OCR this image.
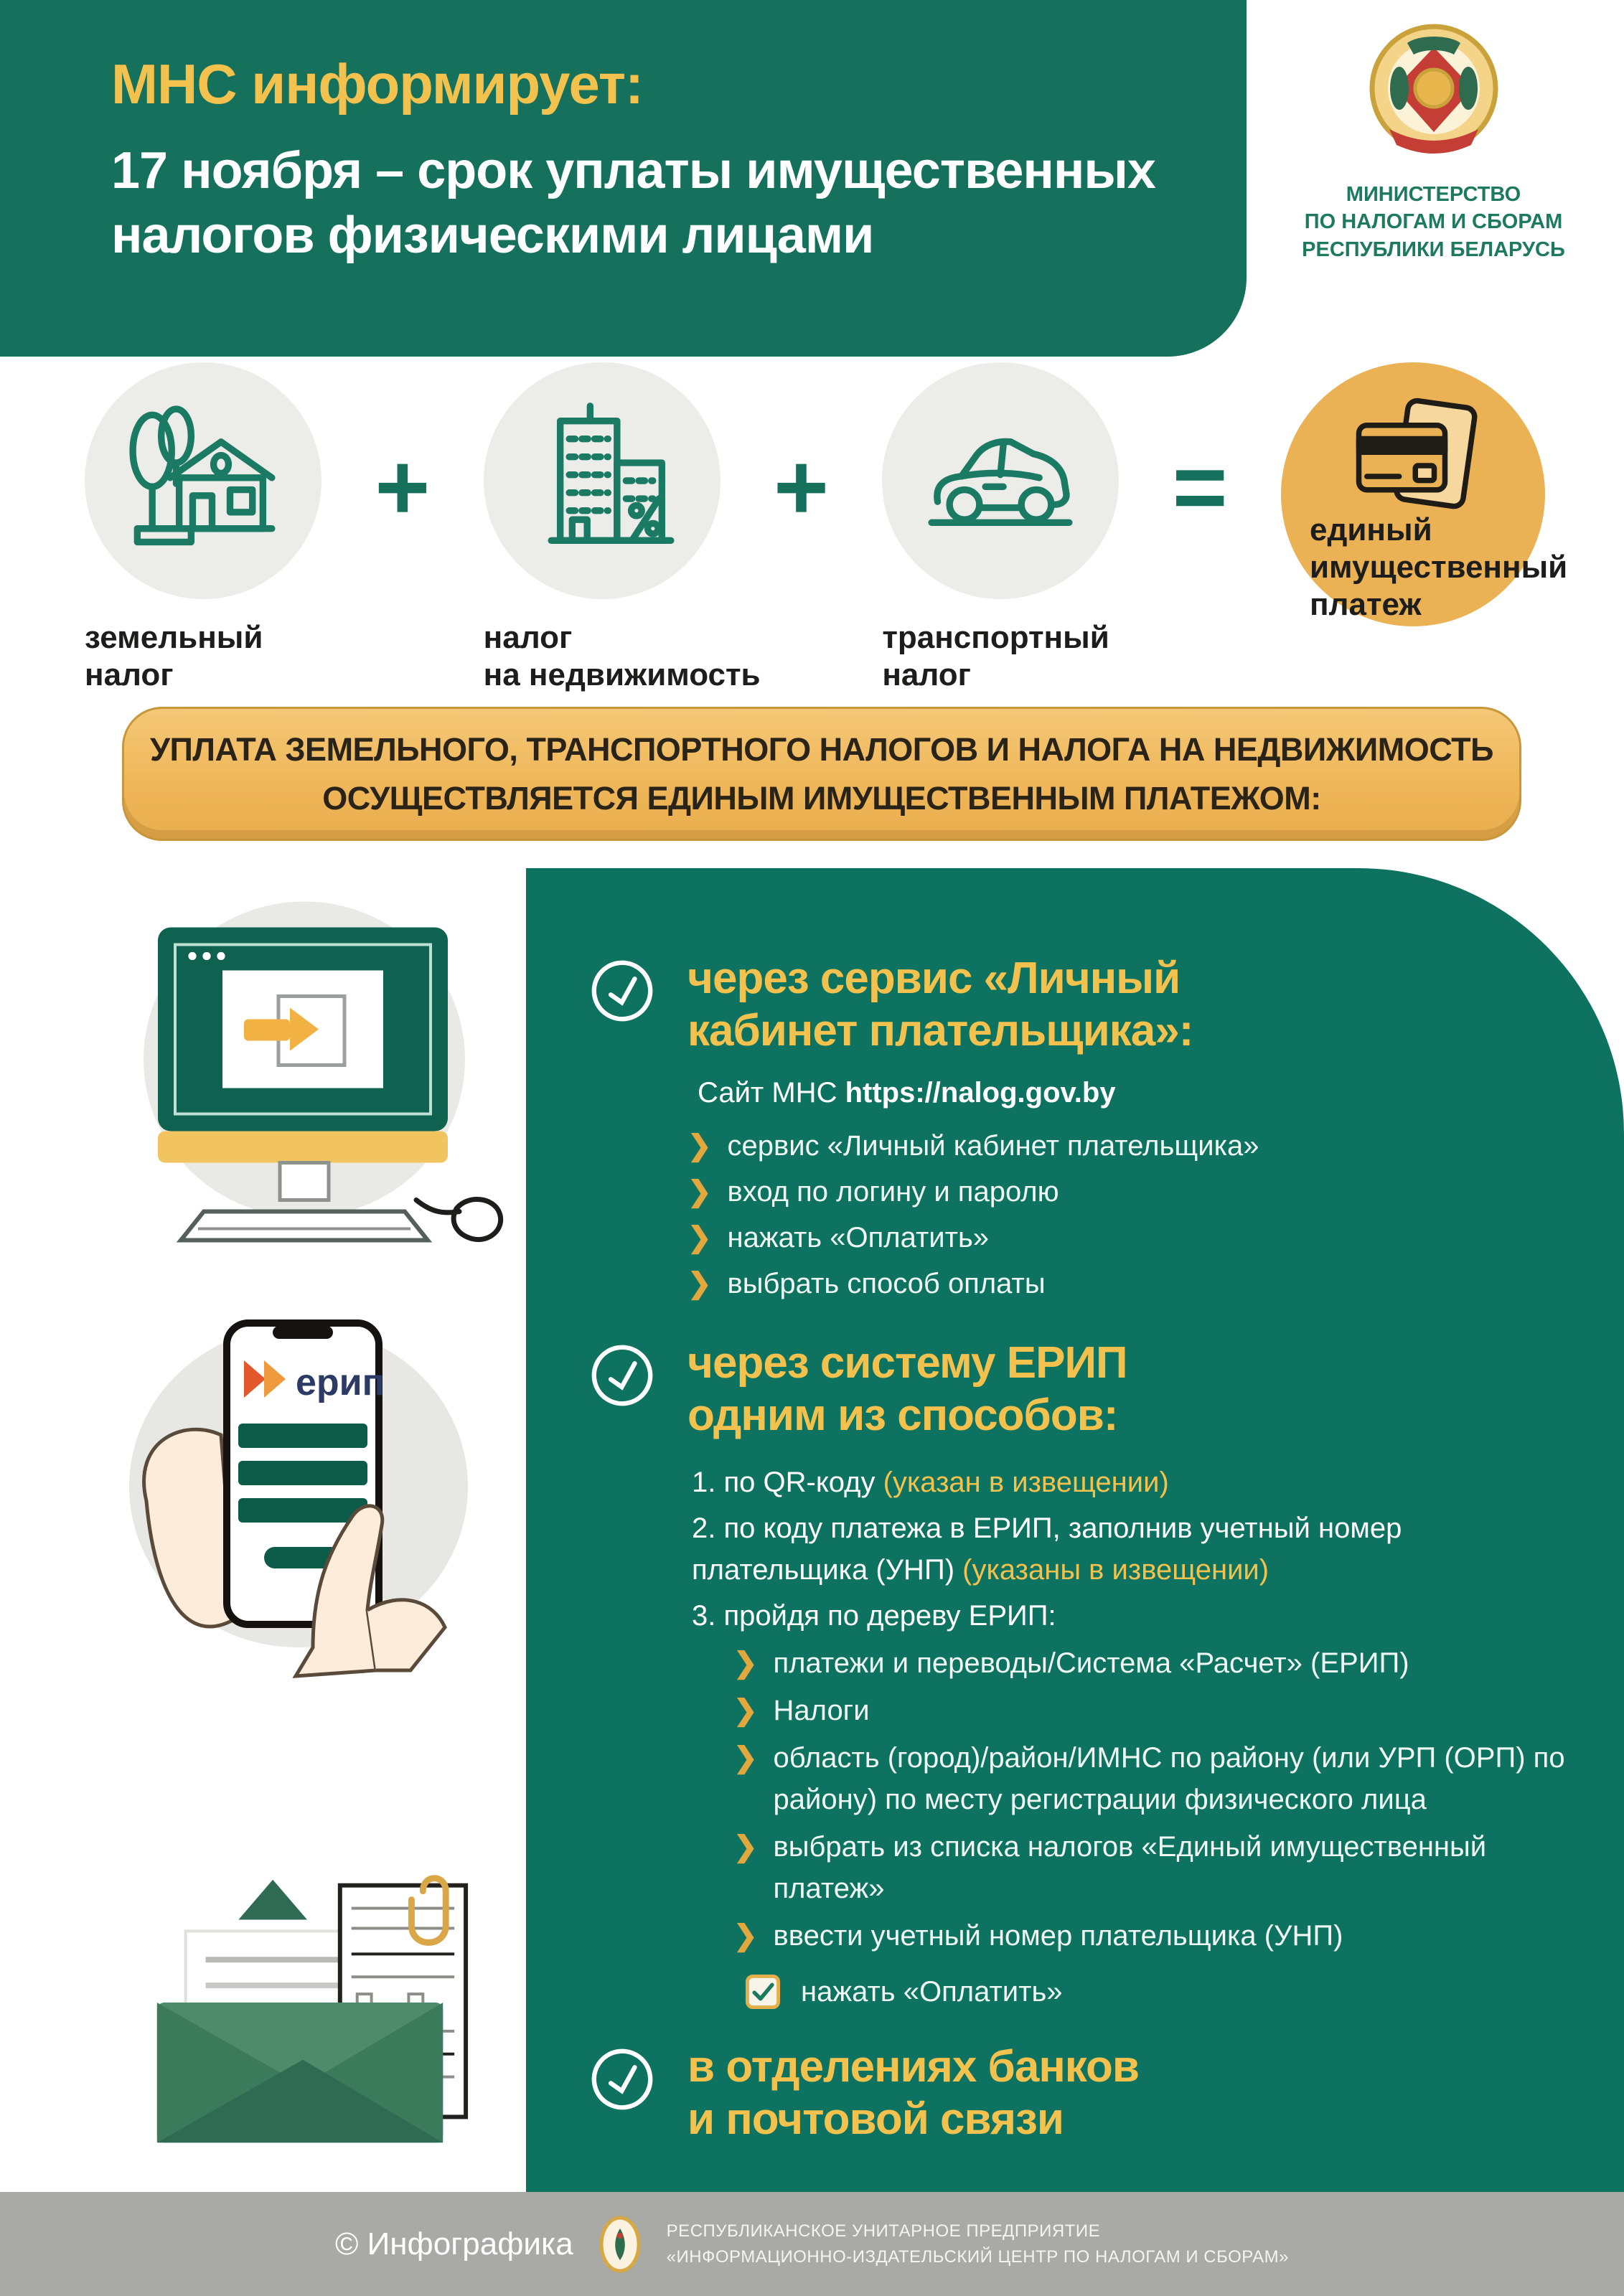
МНС информирует:
17 ноября – срок уплаты имущественных
налогов физическими лицами
МИНИСТЕРСТВО
ПО НАЛОГАМ И СБОРАМ
РЕСПУБЛИКИ БЕЛАРУСЬ
земельный
налог
+
налог
на недвижимость
+
транспортный
налог
=	единый
имущественный
платеж
УПЛАТА ЗЕМЕЛЬНОГО, ТРАНСПОРТНОГО НАЛОГОВ И НАЛОГА НА НЕДВИЖИМОСТЬ
ОСУЩЕСТВЛЯЕТСЯ ЕДИНЫМ ИМУЩЕСТВЕННЫМ ПЛАТЕЖОМ:
ерип
через сервис «Личный
кабинет плательщика»:
Сайт МНС https://nalog.gov.by
❯ сервис «Личный кабинет плательщика»
❯ вход по логину и паролю
❯ нажать «Оплатить»
❯ выбрать способ оплаты
через систему ЕРИП
одним из способов:
1. по QR-коду (указан в извещении)
2. по коду платежа в ЕРИП, заполнив учетный номер плательщика (УНП) (указаны в извещении)
3. пройдя по дереву ЕРИП:
❯ платежи и переводы/Система «Расчет» (ЕРИП)
❯ Налоги
❯ область (город)/район/ИМНС по району (или УРП (ОРП) по району) по месту регистрации физического лица
❯ выбрать из списка налогов «Единый имущественный платеж»
❯ ввести учетный номер плательщика (УНП)
нажать «Оплатить»
в отделениях банков
и почтовой связи
© Инфографика	РЕСПУБЛИКАНСКОЕ УНИТАРНОЕ ПРЕДПРИЯТИЕ
«ИНФОРМАЦИОННО-ИЗДАТЕЛЬСКИЙ ЦЕНТР ПО НАЛОГАМ И СБОРАМ»
